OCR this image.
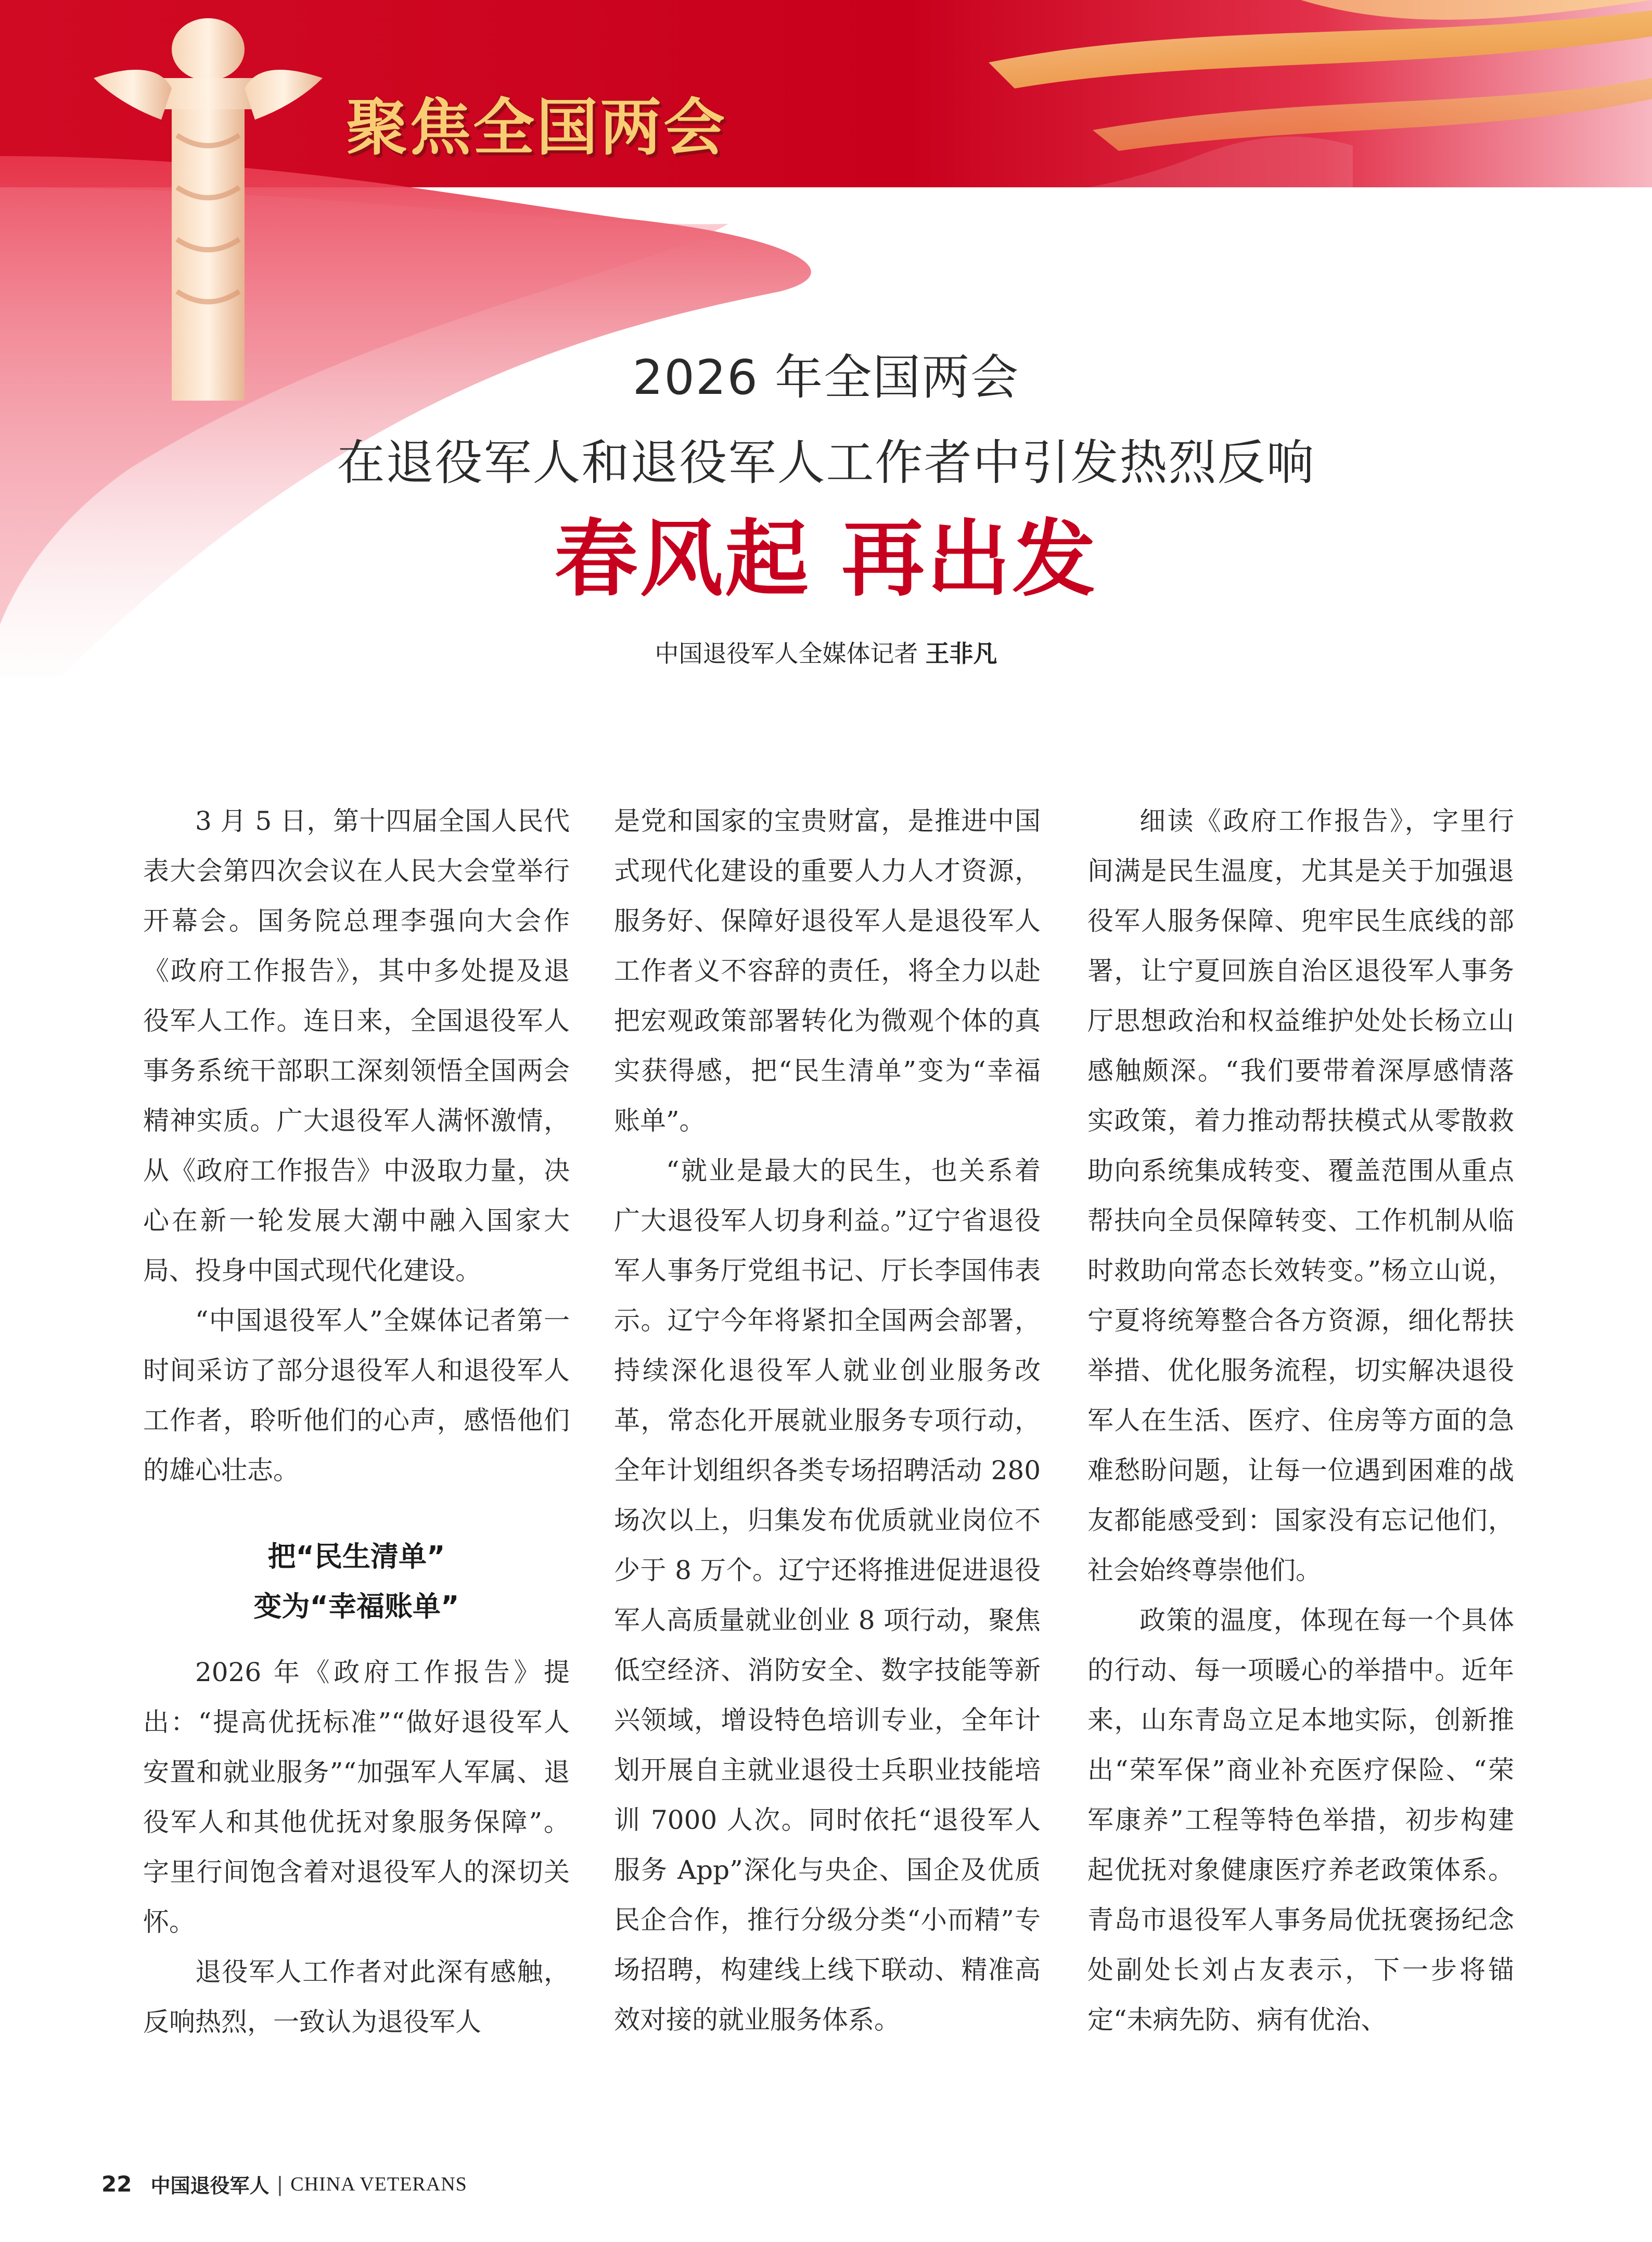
聚焦全国两会
2026 年全国两会
在退役军人和退役军人工作者中引发热烈反响
春风起 再出发
中国退役军人全媒体记者 王非凡

3 月 5 日，第十四届全国人民代表大会第四次会议在人民大会堂举行开幕会。国务院总理李强向大会作《政府工作报告》，其中多处提及退役军人工作。连日来，全国退役军人事务系统干部职工深刻领悟全国两会精神实质。广大退役军人满怀激情，从《政府工作报告》中汲取力量，决心在新一轮发展大潮中融入国家大局、投身中国式现代化建设。

“中国退役军人”全媒体记者第一时间采访了部分退役军人和退役军人工作者，聆听他们的心声，感悟他们的雄心壮志。

把“民生清单”
变为“幸福账单”

2026 年《政府工作报告》提出：“提高优抚标准”“做好退役军人安置和就业服务”“加强军人军属、退役军人和其他优抚对象服务保障”。字里行间饱含着对退役军人的深切关怀。

退役军人工作者对此深有感触，反响热烈，一致认为退役军人

是党和国家的宝贵财富，是推进中国式现代化建设的重要人力人才资源，服务好、保障好退役军人是退役军人工作者义不容辞的责任，将全力以赴把宏观政策部署转化为微观个体的真实获得感，把“民生清单”变为“幸福账单”。

“就业是最大的民生，也关系着广大退役军人切身利益。”辽宁省退役军人事务厅党组书记、厅长李国伟表示。辽宁今年将紧扣全国两会部署，持续深化退役军人就业创业服务改革，常态化开展就业服务专项行动，全年计划组织各类专场招聘活动 280 场次以上，归集发布优质就业岗位不少于 8 万个。辽宁还将推进促进退役军人高质量就业创业 8 项行动，聚焦低空经济、消防安全、数字技能等新兴领域，增设特色培训专业，全年计划开展自主就业退役士兵职业技能培训 7000 人次。同时依托“退役军人服务 App”深化与央企、国企及优质民企合作，推行分级分类“小而精”专场招聘，构建线上线下联动、精准高效对接的就业服务体系。

细读《政府工作报告》，字里行间满是民生温度，尤其是关于加强退役军人服务保障、兜牢民生底线的部署，让宁夏回族自治区退役军人事务厅思想政治和权益维护处处长杨立山感触颇深。“我们要带着深厚感情落实政策，着力推动帮扶模式从零散救助向系统集成转变、覆盖范围从重点帮扶向全员保障转变、工作机制从临时救助向常态长效转变。”杨立山说，宁夏将统筹整合各方资源，细化帮扶举措、优化服务流程，切实解决退役军人在生活、医疗、住房等方面的急难愁盼问题，让每一位遇到困难的战友都能感受到：国家没有忘记他们，社会始终尊崇他们。

政策的温度，体现在每一个具体的行动、每一项暖心的举措中。近年来，山东青岛立足本地实际，创新推出“荣军保”商业补充医疗保险、“荣军康养”工程等特色举措，初步构建起优抚对象健康医疗养老政策体系。青岛市退役军人事务局优抚褒扬纪念处副处长刘占友表示，下一步将锚定“未病先防、病有优治、

22 中国退役军人 | CHINA VETERANS
